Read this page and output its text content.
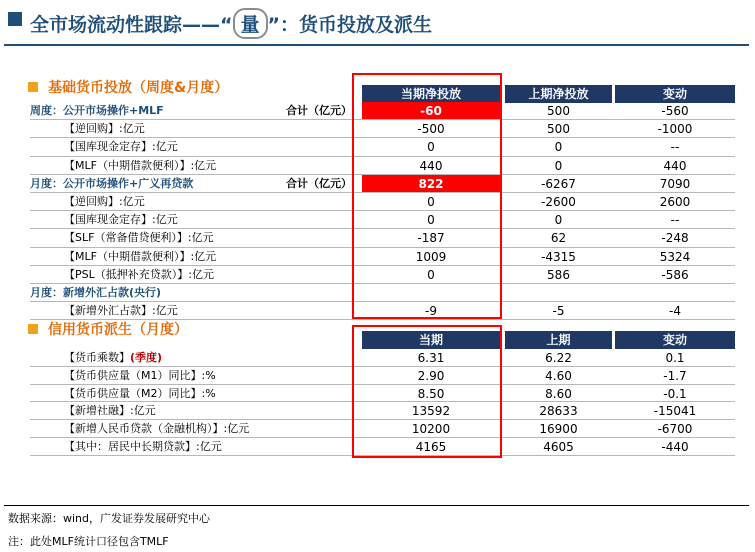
全市场流动性跟踪——“ 量 ”：货币投放及派生
基础货币投放（周度&月度）	当期净投放	上期净投放	变动
周度：公开市场操作+MLF	合计（亿元）	-60	500	-560
【逆回购】:亿元	-500	500	-1000
【国库现金定存】:亿元	0	0	--
【MLF（中期借款便利）】:亿元	440	0	440
月度：公开市场操作+广义再贷款	合计（亿元）	822	-6267	7090
【逆回购】:亿元	0	-2600	2600
【国库现金定存】:亿元	0	0	--
【SLF（常备借贷便利）】:亿元	-187	62	-248
【MLF（中期借款便利）】:亿元	1009	-4315	5324
【PSL（抵押补充贷款）】:亿元	0	586	-586
月度：新增外汇占款(央行)
【新增外汇占款】:亿元	-9	-5	-4
信用货币派生（月度）
当期	上期	变动
【货币乘数】(季度)	6.31	6.22	0.1
【货币供应量（M1）同比】:%	2.90	4.60	-1.7
【货币供应量（M2）同比】:%	8.50	8.60	-0.1
【新增社融】:亿元	13592	28633	-15041
【新增人民币贷款（金融机构）】:亿元	10200	16900	-6700
【其中：居民中长期贷款】:亿元	4165	4605	-440
数据来源：wind，广发证券发展研究中心
注：此处MLF统计口径包含TMLF
